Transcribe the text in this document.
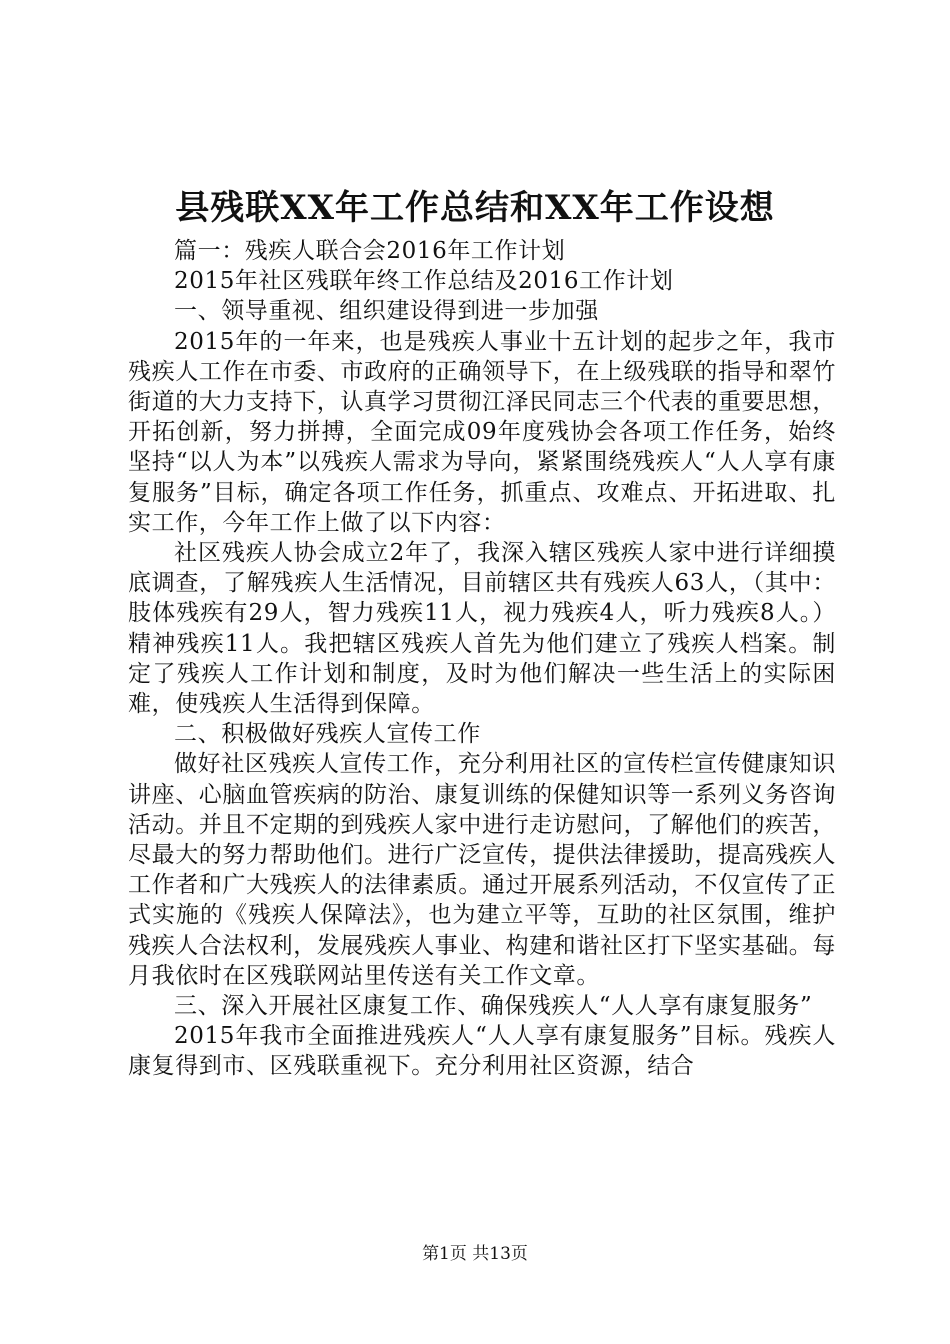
县残联XX年工作总结和XX年工作设想

篇一：残疾人联合会2016年工作计划

2015年社区残联年终工作总结及2016工作计划

一、领导重视、组织建设得到进一步加强

2015年的一年来，也是残疾人事业十五计划的起步之年，我市残疾人工作在市委、市政府的正确领导下，在上级残联的指导和翠竹街道的大力支持下，认真学习贯彻江泽民同志三个代表的重要思想，开拓创新，努力拼搏，全面完成09年度残协会各项工作任务，始终坚持“以人为本”以残疾人需求为导向，紧紧围绕残疾人“人人享有康复服务”目标，确定各项工作任务，抓重点、攻难点、开拓进取、扎实工作，今年工作上做了以下内容：

社区残疾人协会成立2年了，我深入辖区残疾人家中进行详细摸底调查，了解残疾人生活情况，目前辖区共有残疾人63人，（其中：肢体残疾有29人，智力残疾11人，视力残疾4人，听力残疾8人。）精神残疾11人。我把辖区残疾人首先为他们建立了残疾人档案。制定了残疾人工作计划和制度，及时为他们解决一些生活上的实际困难，使残疾人生活得到保障。

二、积极做好残疾人宣传工作

做好社区残疾人宣传工作，充分利用社区的宣传栏宣传健康知识讲座、心脑血管疾病的防治、康复训练的保健知识等一系列义务咨询活动。并且不定期的到残疾人家中进行走访慰问，了解他们的疾苦，尽最大的努力帮助他们。进行广泛宣传，提供法律援助，提高残疾人工作者和广大残疾人的法律素质。通过开展系列活动，不仅宣传了正式实施的《残疾人保障法》，也为建立平等，互助的社区氛围，维护残疾人合法权利，发展残疾人事业、构建和谐社区打下坚实基础。每月我依时在区残联网站里传送有关工作文章。

三、深入开展社区康复工作、确保残疾人“人人享有康复服务”

2015年我市全面推进残疾人“人人享有康复服务”目标。残疾人康复得到市、区残联重视下。充分利用社区资源，结合

第1页 共13页
